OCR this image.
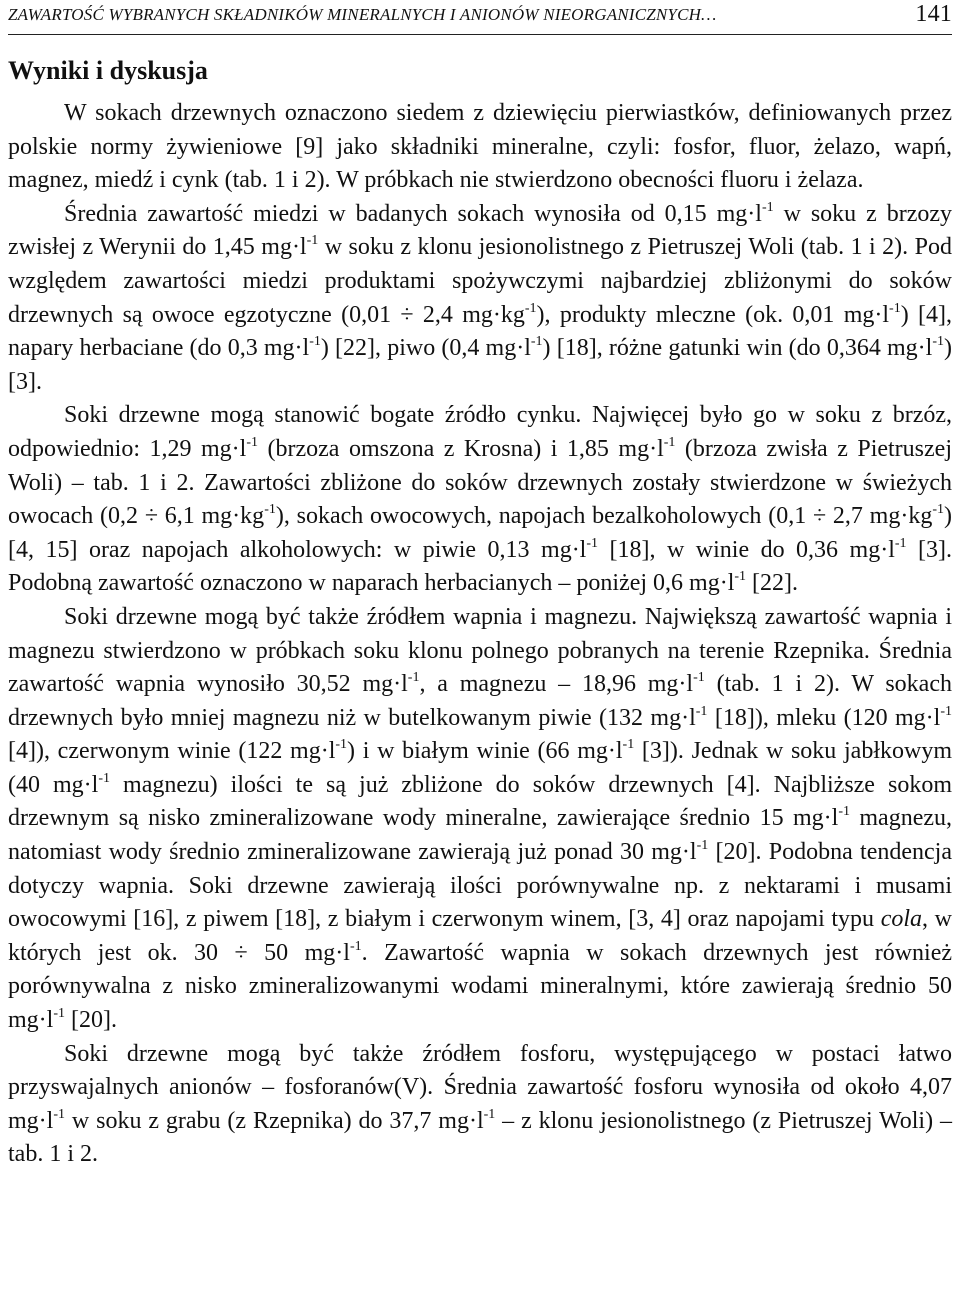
ZAWARTOŚĆ WYBRANYCH SKŁADNIKÓW MINERALNYCH I ANIONÓW NIEORGANICZNYCH…	141
Wyniki i dyskusja

W sokach drzewnych oznaczono siedem z dziewięciu pierwiastków, definiowanych przez polskie normy żywieniowe [9] jako składniki mineralne, czyli: fosfor, fluor, żelazo, wapń, magnez, miedź i cynk (tab. 1 i 2). W próbkach nie stwierdzono obecności fluoru i żelaza.

Średnia zawartość miedzi w badanych sokach wynosiła od 0,15 $mg\cdot l^{-1}$ w soku z brzozy zwisłej z Werynii do 1,45 $mg\cdot l^{-1}$ w soku z klonu jesionolistnego z Pietruszej Woli (tab. 1 i 2). Pod względem zawartości miedzi produktami spożywczymi najbardziej zbliżonymi do soków drzewnych są owoce egzotyczne (0,01 ÷ 2,4 $mg\cdot kg^{-1}$), produkty mleczne (ok. 0,01 $mg\cdot l^{-1}$) [4], napary herbaciane (do 0,3 $mg\cdot l^{-1}$) [22], piwo (0,4 $mg\cdot l^{-1}$) [18], różne gatunki win (do 0,364 $mg\cdot l^{-1}$) [3].

Soki drzewne mogą stanowić bogate źródło cynku. Najwięcej było go w soku z brzóz, odpowiednio: 1,29 $mg\cdot l^{-1}$ (brzoza omszona z Krosna) i 1,85 $mg\cdot l^{-1}$ (brzoza zwisła z Pietruszej Woli) – tab. 1 i 2. Zawartości zbliżone do soków drzewnych zostały stwierdzone w świeżych owocach (0,2 ÷ 6,1 $mg\cdot kg^{-1}$), sokach owocowych, napojach bezalkoholowych (0,1 ÷ 2,7 $mg\cdot kg^{-1}$) [4, 15] oraz napojach alkoholowych: w piwie 0,13 $mg\cdot l^{-1}$ [18], w winie do 0,36 $mg\cdot l^{-1}$ [3]. Podobną zawartość oznaczono w naparach herbacianych – poniżej 0,6 $mg\cdot l^{-1}$ [22].

Soki drzewne mogą być także źródłem wapnia i magnezu. Największą zawartość wapnia i magnezu stwierdzono w próbkach soku klonu polnego pobranych na terenie Rzepnika. Średnia zawartość wapnia wynosiło 30,52 $mg\cdot l^{-1}$, a magnezu – 18,96 $mg\cdot l^{-1}$ (tab. 1 i 2). W sokach drzewnych było mniej magnezu niż w butelkowanym piwie (132 $mg\cdot l^{-1}$ [18]), mleku (120 $mg\cdot l^{-1}$ [4]), czerwonym winie (122 $mg\cdot l^{-1}$) i w białym winie (66 $mg\cdot l^{-1}$ [3]). Jednak w soku jabłkowym (40 $mg\cdot l^{-1}$ magnezu) ilości te są już zbliżone do soków drzewnych [4]. Najbliższe sokom drzewnym są nisko zmineralizowane wody mineralne, zawierające średnio 15 $mg\cdot l^{-1}$ magnezu, natomiast wody średnio zmineralizowane zawierają już ponad 30 $mg\cdot l^{-1}$ [20]. Podobna tendencja dotyczy wapnia. Soki drzewne zawierają ilości porównywalne np. z nektarami i musami owocowymi [16], z piwem [18], z białym i czerwonym winem, [3, 4] oraz napojami typu cola, w których jest ok. 30 ÷ 50 $mg\cdot l^{-1}$. Zawartość wapnia w sokach drzewnych jest również porównywalna z nisko zmineralizowanymi wodami mineralnymi, które zawierają średnio 50 $mg\cdot l^{-1}$ [20].

Soki drzewne mogą być także źródłem fosforu, występującego w postaci łatwo przyswajalnych anionów – fosforanów(V). Średnia zawartość fosforu wynosiła od około 4,07 $mg\cdot l^{-1}$ w soku z grabu (z Rzepnika) do 37,7 $mg\cdot l^{-1} - z$ klonu jesionolistnego (z Pietruszej Woli) – tab. 1 i 2.
